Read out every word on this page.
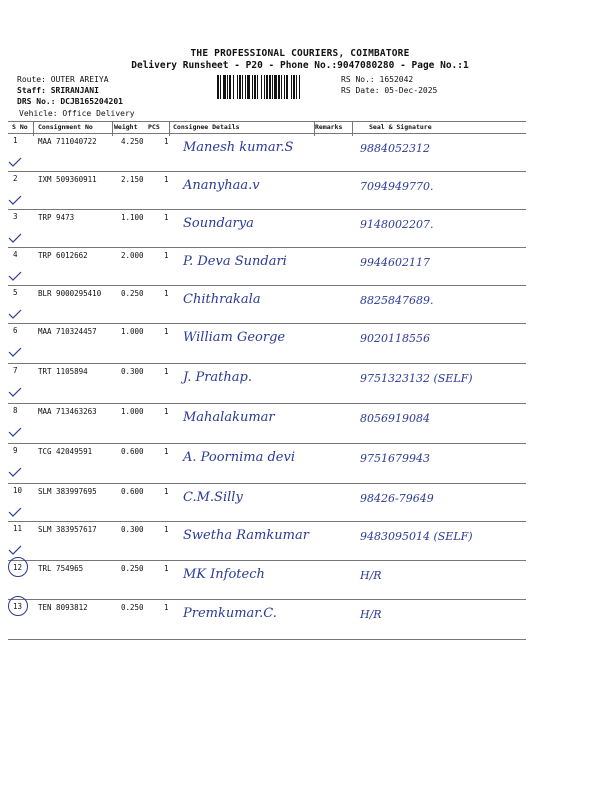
THE PROFESSIONAL COURIERS, COIMBATORE
Delivery Runsheet - P20 - Phone No.:9047080280 - Page No.:1
Route: OUTER AREIYA
Staff: SRIRANJANI
DRS No.: DCJB165204201
Vehicle: Office Delivery
RS No.: 1652042
RS Date: 05-Dec-2025
S No Consignment No	Weight PCS Consignee Details	Remarks	Seal & Signature
1	MAA 711040722	4.250	1 Manesh kumar.S	9884052312
2	IXM 509360911	2.150	1 Ananyhaa.v	7094949770.
3	TRP 9473	1.100	1 Soundarya	9148002207.
4	TRP 6012662	2.000	1 P. Deva Sundari	9944602117
5	BLR 9000295410	0.250	1 Chithrakala	8825847689.
6	MAA 710324457	1.000	1 William George	9020118556
7	TRT 1105894	0.300	1 J. Prathap.	9751323132 (SELF)
8	MAA 713463263	1.000	1 Mahalakumar	8056919084
9	TCG 42049591	0.600	1 A. Poornima devi	9751679943
10 SLM 383997695	0.600	1 C.M.Silly	98426-79649
11 SLM 383957617	0.300	1 Swetha Ramkumar	9483095014 (SELF)
12 TRL 754965	0.250	1 MK Infotech	H/R
13 TEN 8093812	0.250	1 Premkumar.C.	H/R
